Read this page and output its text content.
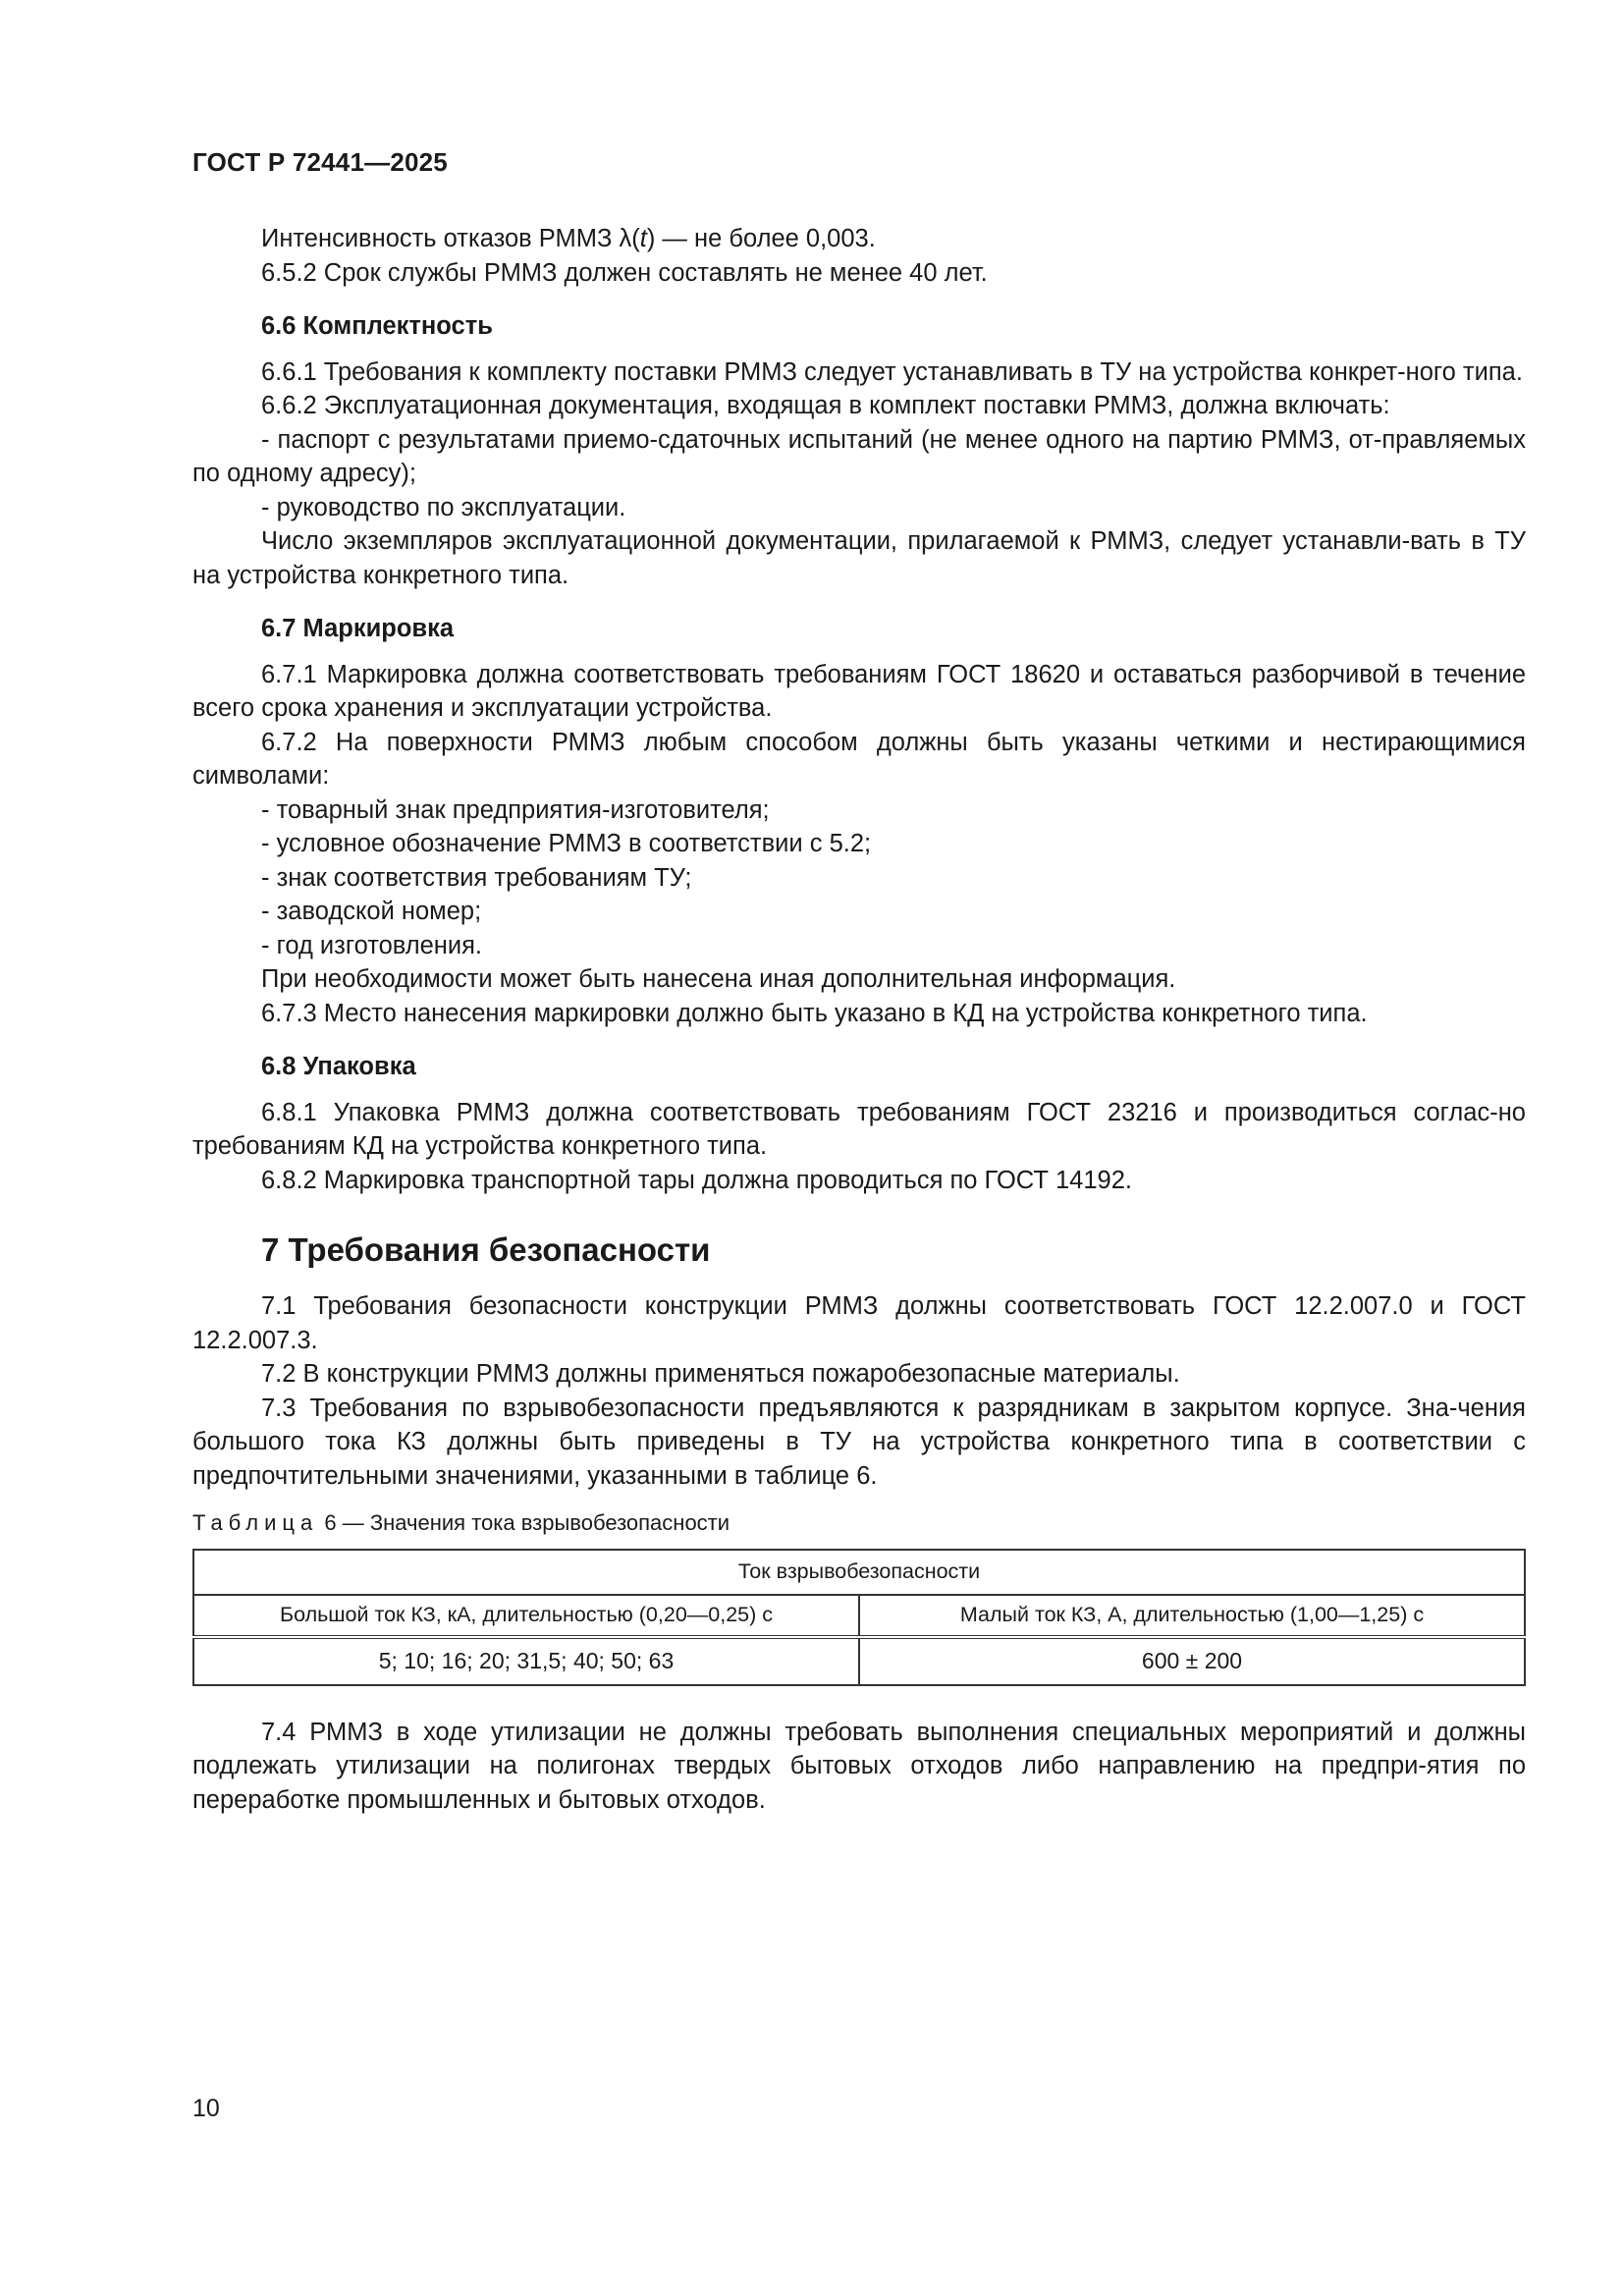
ГОСТ Р 72441—2025

Интенсивность отказов РММЗ λ(t) — не более 0,003.

6.5.2 Срок службы РММЗ должен составлять не менее 40 лет.

6.6 Комплектность

6.6.1 Требования к комплекту поставки РММЗ следует устанавливать в ТУ на устройства конкрет-ного типа.

6.6.2 Эксплуатационная документация, входящая в комплект поставки РММЗ, должна включать:

- паспорт с результатами приемо-сдаточных испытаний (не менее одного на партию РММЗ, от-правляемых по одному адресу);

- руководство по эксплуатации.

Число экземпляров эксплуатационной документации, прилагаемой к РММЗ, следует устанавли-вать в ТУ на устройства конкретного типа.

6.7 Маркировка

6.7.1 Маркировка должна соответствовать требованиям ГОСТ 18620 и оставаться разборчивой в течение всего срока хранения и эксплуатации устройства.

6.7.2 На поверхности РММЗ любым способом должны быть указаны четкими и нестирающимися символами:

- товарный знак предприятия-изготовителя;

- условное обозначение РММЗ в соответствии с 5.2;

- знак соответствия требованиям ТУ;

- заводской номер;

- год изготовления.

При необходимости может быть нанесена иная дополнительная информация.

6.7.3 Место нанесения маркировки должно быть указано в КД на устройства конкретного типа.

6.8 Упаковка

6.8.1 Упаковка РММЗ должна соответствовать требованиям ГОСТ 23216 и производиться соглас-но требованиям КД на устройства конкретного типа.

6.8.2 Маркировка транспортной тары должна проводиться по ГОСТ 14192.

7 Требования безопасности

7.1 Требования безопасности конструкции РММЗ должны соответствовать ГОСТ 12.2.007.0 и ГОСТ 12.2.007.3.

7.2 В конструкции РММЗ должны применяться пожаробезопасные материалы.

7.3 Требования по взрывобезопасности предъявляются к разрядникам в закрытом корпусе. Зна-чения большого тока КЗ должны быть приведены в ТУ на устройства конкретного типа в соответствии с предпочтительными значениями, указанными в таблице 6.

Таблица 6 — Значения тока взрывобезопасности
Ток взрывобезопасности	
Большой ток КЗ, кА, длительностью (0,20—0,25) с	Малый ток КЗ, А, длительностью (1,00—1,25) с
5; 10; 16; 20; 31,5; 40; 50; 63	600 ± 200

7.4 РММЗ в ходе утилизации не должны требовать выполнения специальных мероприятий и должны подлежать утилизации на полигонах твердых бытовых отходов либо направлению на предпри-ятия по переработке промышленных и бытовых отходов.

10
